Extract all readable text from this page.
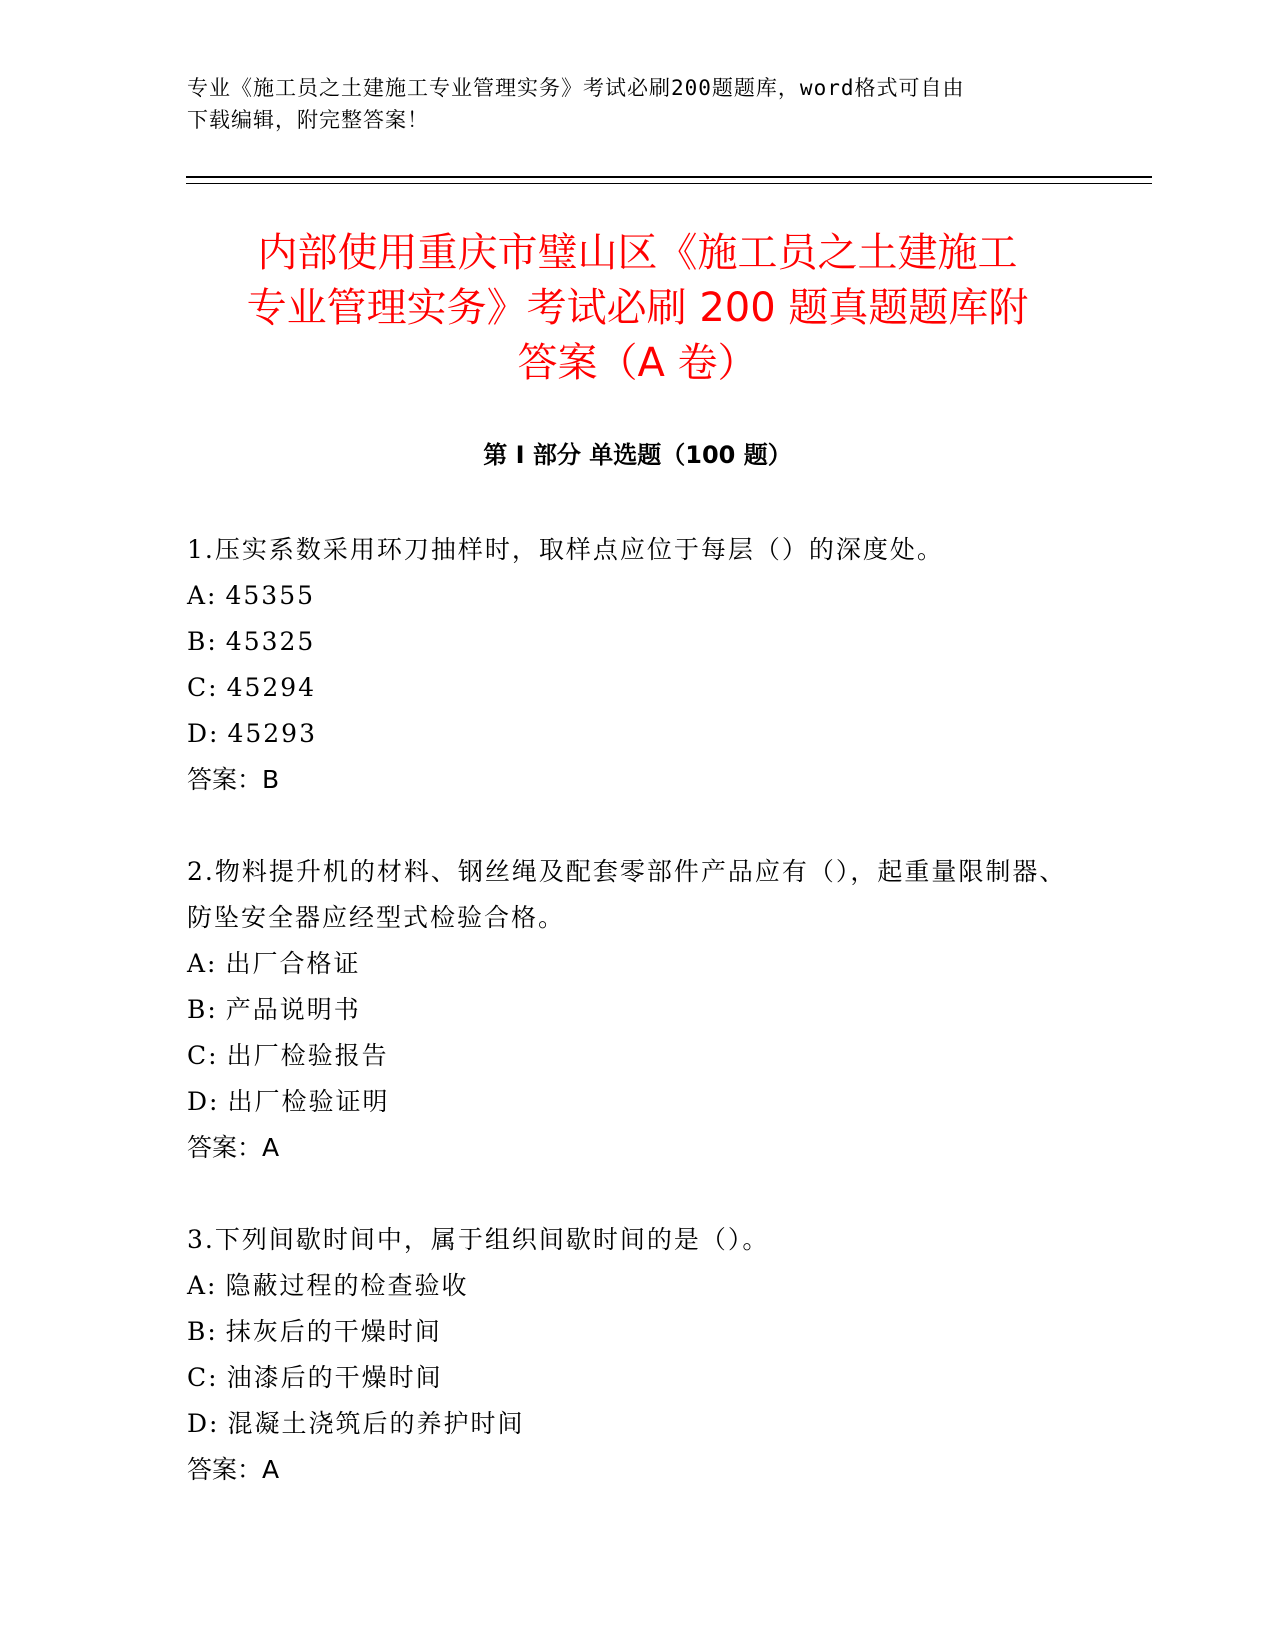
专业《施工员之土建施工专业管理实务》考试必刷200题题库，word格式可自由
下载编辑，附完整答案！
内部使用重庆市璧山区《施工员之土建施工
专业管理实务》考试必刷 200 题真题题库附
答案（A 卷）
第 I 部分 单选题（100 题）
1.压实系数采用环刀抽样时，取样点应位于每层（）的深度处。
A: 45355
B: 45325
C: 45294
D: 45293
答案：B
2.物料提升机的材料、钢丝绳及配套零部件产品应有（），起重量限制器、防坠安全器应经型式检验合格。
A: 出厂合格证
B: 产品说明书
C: 出厂检验报告
D: 出厂检验证明
答案：A
3.下列间歇时间中，属于组织间歇时间的是（）。
A: 隐蔽过程的检查验收
B: 抹灰后的干燥时间
C: 油漆后的干燥时间
D: 混凝土浇筑后的养护时间
答案：A
